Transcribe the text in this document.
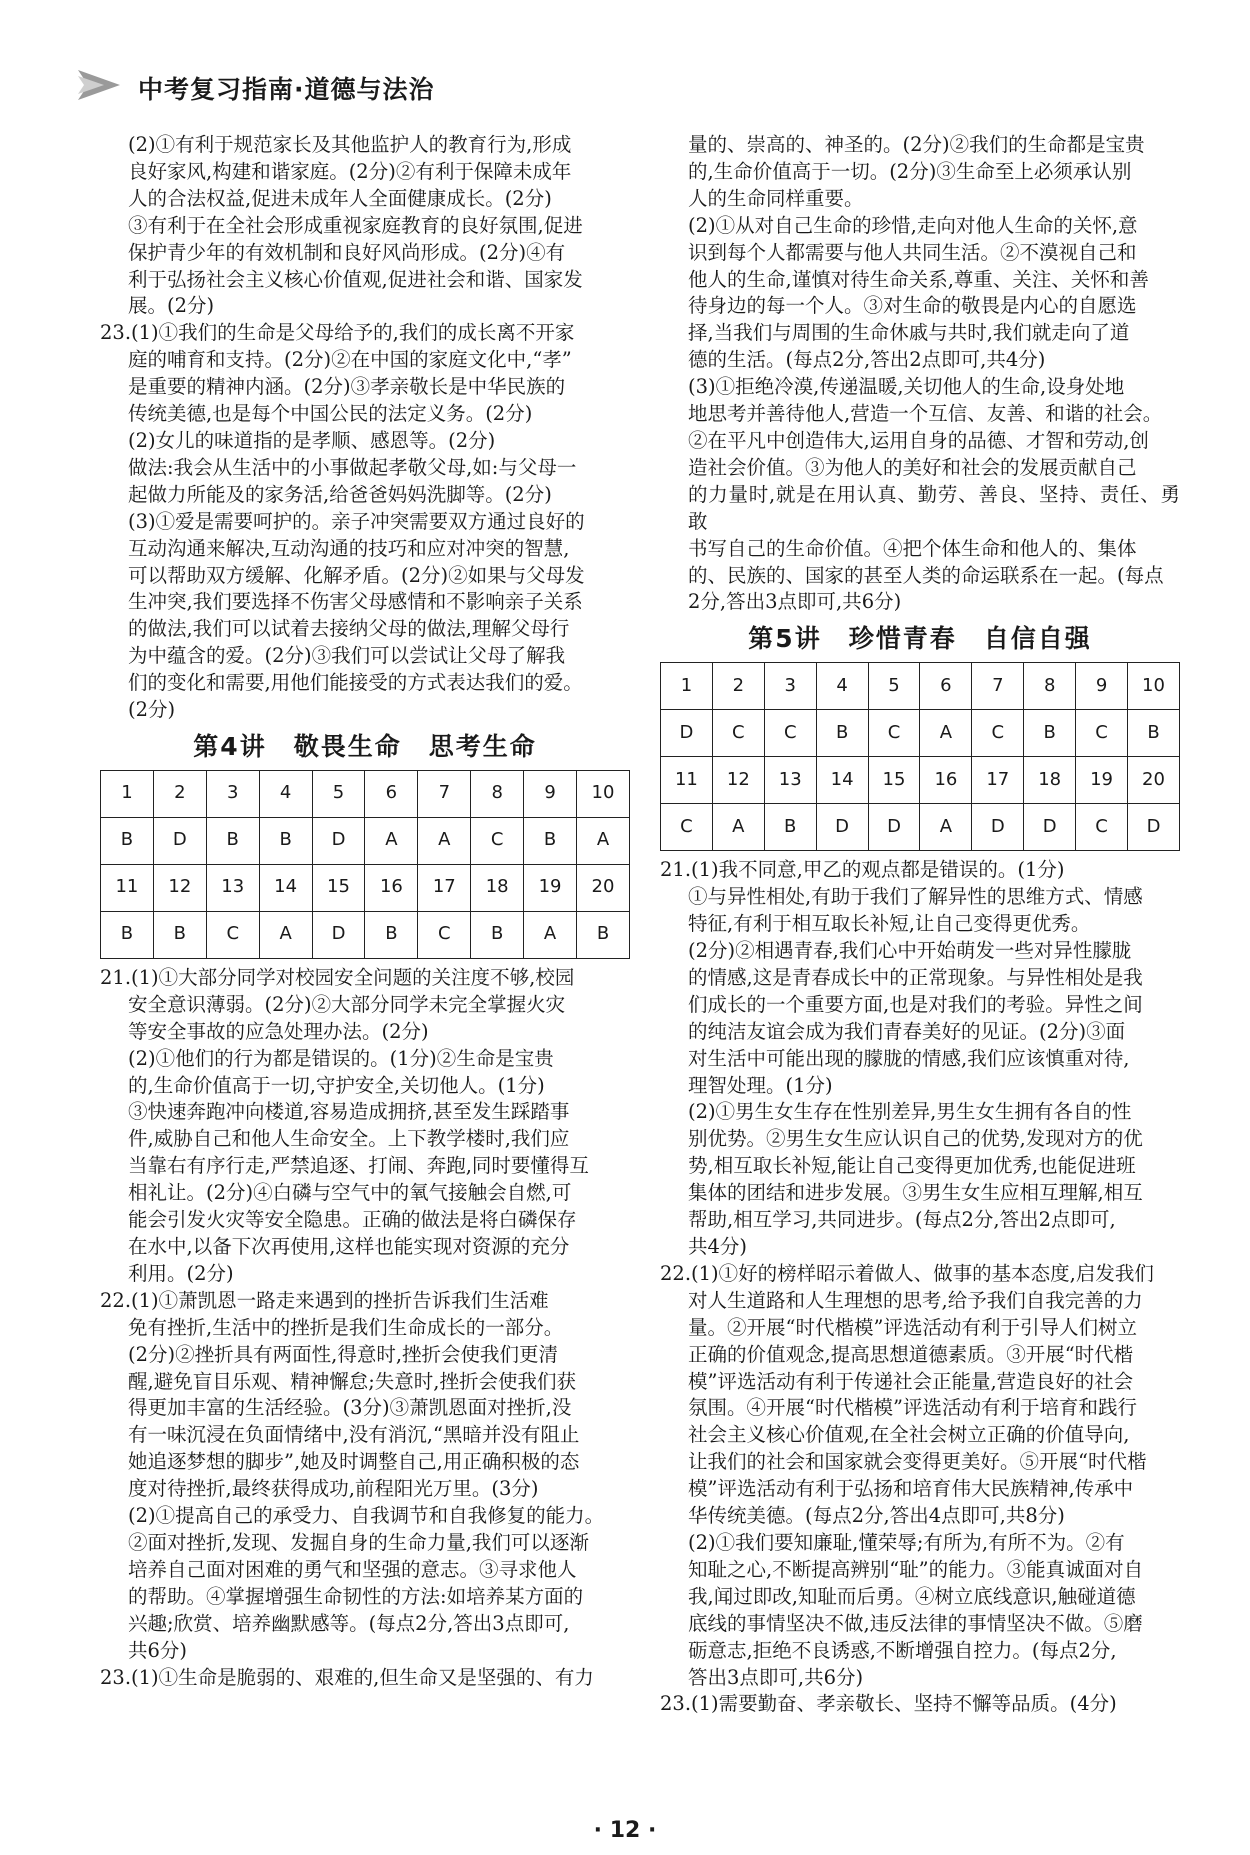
中考复习指南·道德与法治

(2)①有利于规范家长及其他监护人的教育行为,形成

良好家风,构建和谐家庭。(2分)②有利于保障未成年

人的合法权益,促进未成年人全面健康成长。(2分)

③有利于在全社会形成重视家庭教育的良好氛围,促进

保护青少年的有效机制和良好风尚形成。(2分)④有

利于弘扬社会主义核心价值观,促进社会和谐、国家发

展。(2分)

23.(1)①我们的生命是父母给予的,我们的成长离不开家

庭的哺育和支持。(2分)②在中国的家庭文化中,“孝”

是重要的精神内涵。(2分)③孝亲敬长是中华民族的

传统美德,也是每个中国公民的法定义务。(2分)

(2)女儿的味道指的是孝顺、感恩等。(2分)

做法:我会从生活中的小事做起孝敬父母,如:与父母一

起做力所能及的家务活,给爸爸妈妈洗脚等。(2分)

(3)①爱是需要呵护的。亲子冲突需要双方通过良好的

互动沟通来解决,互动沟通的技巧和应对冲突的智慧,

可以帮助双方缓解、化解矛盾。(2分)②如果与父母发

生冲突,我们要选择不伤害父母感情和不影响亲子关系

的做法,我们可以试着去接纳父母的做法,理解父母行

为中蕴含的爱。(2分)③我们可以尝试让父母了解我

们的变化和需要,用他们能接受的方式表达我们的爱。

(2分)

第4讲　敬畏生命　思考生命
1	2	3	4	5	6	7	8	9	10
B	D	B	B	D	A	A	C	B	A
11	12	13	14	15	16	17	18	19	20
B	B	C	A	D	B	C	B	A	B

21.(1)①大部分同学对校园安全问题的关注度不够,校园

安全意识薄弱。(2分)②大部分同学未完全掌握火灾

等安全事故的应急处理办法。(2分)

(2)①他们的行为都是错误的。(1分)②生命是宝贵

的,生命价值高于一切,守护安全,关切他人。(1分)

③快速奔跑冲向楼道,容易造成拥挤,甚至发生踩踏事

件,威胁自己和他人生命安全。上下教学楼时,我们应

当靠右有序行走,严禁追逐、打闹、奔跑,同时要懂得互

相礼让。(2分)④白磷与空气中的氧气接触会自燃,可

能会引发火灾等安全隐患。正确的做法是将白磷保存

在水中,以备下次再使用,这样也能实现对资源的充分

利用。(2分)

22.(1)①萧凯恩一路走来遇到的挫折告诉我们生活难

免有挫折,生活中的挫折是我们生命成长的一部分。

(2分)②挫折具有两面性,得意时,挫折会使我们更清

醒,避免盲目乐观、精神懈怠;失意时,挫折会使我们获

得更加丰富的生活经验。(3分)③萧凯恩面对挫折,没

有一味沉浸在负面情绪中,没有消沉,“黑暗并没有阻止

她追逐梦想的脚步”,她及时调整自己,用正确积极的态

度对待挫折,最终获得成功,前程阳光万里。(3分)

(2)①提高自己的承受力、自我调节和自我修复的能力。

②面对挫折,发现、发掘自身的生命力量,我们可以逐渐

培养自己面对困难的勇气和坚强的意志。③寻求他人

的帮助。④掌握增强生命韧性的方法:如培养某方面的

兴趣;欣赏、培养幽默感等。(每点2分,答出3点即可,

共6分)

23.(1)①生命是脆弱的、艰难的,但生命又是坚强的、有力

量的、崇高的、神圣的。(2分)②我们的生命都是宝贵

的,生命价值高于一切。(2分)③生命至上必须承认别

人的生命同样重要。

(2)①从对自己生命的珍惜,走向对他人生命的关怀,意

识到每个人都需要与他人共同生活。②不漠视自己和

他人的生命,谨慎对待生命关系,尊重、关注、关怀和善

待身边的每一个人。③对生命的敬畏是内心的自愿选

择,当我们与周围的生命休戚与共时,我们就走向了道

德的生活。(每点2分,答出2点即可,共4分)

(3)①拒绝冷漠,传递温暖,关切他人的生命,设身处地

地思考并善待他人,营造一个互信、友善、和谐的社会。

②在平凡中创造伟大,运用自身的品德、才智和劳动,创

造社会价值。③为他人的美好和社会的发展贡献自己

的力量时,就是在用认真、勤劳、善良、坚持、责任、勇敢

书写自己的生命价值。④把个体生命和他人的、集体

的、民族的、国家的甚至人类的命运联系在一起。(每点

2分,答出3点即可,共6分)

第5讲　珍惜青春　自信自强
1	2	3	4	5	6	7	8	9	10
D	C	C	B	C	A	C	B	C	B
11	12	13	14	15	16	17	18	19	20
C	A	B	D	D	A	D	D	C	D

21.(1)我不同意,甲乙的观点都是错误的。(1分)

①与异性相处,有助于我们了解异性的思维方式、情感

特征,有利于相互取长补短,让自己变得更优秀。

(2分)②相遇青春,我们心中开始萌发一些对异性朦胧

的情感,这是青春成长中的正常现象。与异性相处是我

们成长的一个重要方面,也是对我们的考验。异性之间

的纯洁友谊会成为我们青春美好的见证。(2分)③面

对生活中可能出现的朦胧的情感,我们应该慎重对待,

理智处理。(1分)

(2)①男生女生存在性别差异,男生女生拥有各自的性

别优势。②男生女生应认识自己的优势,发现对方的优

势,相互取长补短,能让自己变得更加优秀,也能促进班

集体的团结和进步发展。③男生女生应相互理解,相互

帮助,相互学习,共同进步。(每点2分,答出2点即可,

共4分)

22.(1)①好的榜样昭示着做人、做事的基本态度,启发我们

对人生道路和人生理想的思考,给予我们自我完善的力

量。②开展“时代楷模”评选活动有利于引导人们树立

正确的价值观念,提高思想道德素质。③开展“时代楷

模”评选活动有利于传递社会正能量,营造良好的社会

氛围。④开展“时代楷模”评选活动有利于培育和践行

社会主义核心价值观,在全社会树立正确的价值导向,

让我们的社会和国家就会变得更美好。⑤开展“时代楷

模”评选活动有利于弘扬和培育伟大民族精神,传承中

华传统美德。(每点2分,答出4点即可,共8分)

(2)①我们要知廉耻,懂荣辱;有所为,有所不为。②有

知耻之心,不断提高辨别“耻”的能力。③能真诚面对自

我,闻过即改,知耻而后勇。④树立底线意识,触碰道德

底线的事情坚决不做,违反法律的事情坚决不做。⑤磨

砺意志,拒绝不良诱惑,不断增强自控力。(每点2分,

答出3点即可,共6分)

23.(1)需要勤奋、孝亲敬长、坚持不懈等品质。(4分)

· 12 ·
